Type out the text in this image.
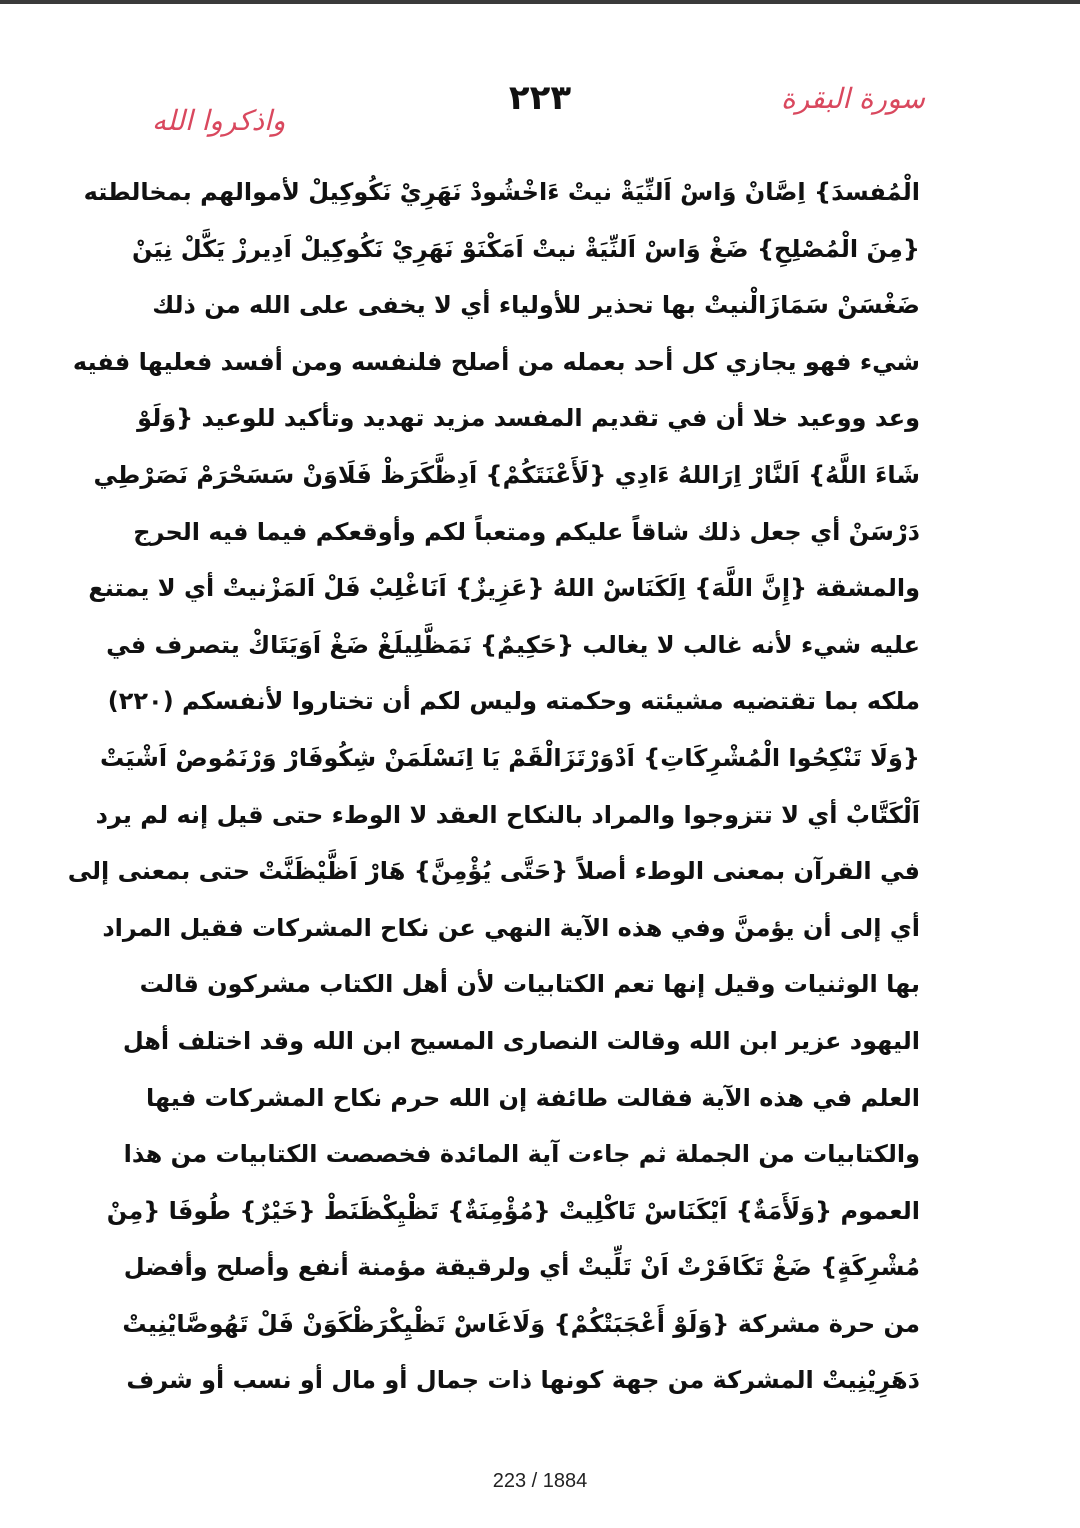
سورة البقرة
٢٢٣
واذكروا الله
الْمُفسدَ} اِصَّانْ وَاسْ اَلنِّيَةْ نيتْ ءَاخْشُودْ نَهَرِيْ نَكُوكِيلْ لأموالهم بمخالطته
{مِنَ الْمُصْلِحِ} ضَغْ وَاسْ اَلنِّيَةْ نيتْ اَمَكْنَوْ نَهَرِيْ نَكُوكِيلْ اَدِيرزْ يَكَّلْ نِيَنْ
ضَغْسَنْ سَمَازَالْنيتْ بها تحذير للأولياء أي لا يخفى على الله من ذلك
شيء فهو يجازي كل أحد بعمله من أصلح فلنفسه ومن أفسد فعليها ففيه
وعد ووعيد خلا أن في تقديم المفسد مزيد تهديد وتأكيد للوعيد {وَلَوْ
شَاءَ اللَّهُ} اَلنَّارْ اِرَاللهُ ءَادِي {لَأَعْنَتَكُمْ} اَدِظَّكَرَظْ فَلَاوَنْ سَسَحْرَمْ نَصَرْطِي
دَرْسَنْ أي جعل ذلك شاقاً عليكم ومتعباً لكم وأوقعكم فيما فيه الحرج
والمشقة {إِنَّ اللَّهَ} اِلَكَنَاسْ اللهُ {عَزِيزٌ} اَنَاغْلِبْ فَلْ اَلمَزْنيتْ أي لا يمتنع
عليه شيء لأنه غالب لا يغالب {حَكِيمٌ} نَمَظَّلِيلَغْ ضَغْ اَوَيَتَاكْ يتصرف في
ملكه بما تقتضيه مشيئته وحكمته وليس لكم أن تختاروا لأنفسكم (٢٢٠)
{وَلَا تَنْكِحُوا الْمُشْرِكَاتِ} اَدْوَرْتَزَالْقَمْ يَا اِنَسْلَمَنْ شِكُوفَارْ وَرْنَمُوصْ اَشْيَتْ
اَلْكَتَّابْ أي لا تتزوجوا والمراد بالنكاح العقد لا الوطء حتى قيل إنه لم يرد
في القرآن بمعنى الوطء أصلاً {حَتَّى يُؤْمِنَّ} هَارْ اَظَّيْظَنَّتْ حتى بمعنى إلى
أي إلى أن يؤمنَّ وفي هذه الآية النهي عن نكاح المشركات فقيل المراد
بها الوثنيات وقيل إنها تعم الكتابيات لأن أهل الكتاب مشركون قالت
اليهود عزير ابن الله وقالت النصارى المسيح ابن الله وقد اختلف أهل
العلم في هذه الآية فقالت طائفة إن الله حرم نكاح المشركات فيها
والكتابيات من الجملة ثم جاءت آية المائدة فخصصت الكتابيات من هذا
العموم {وَلَأَمَةٌ} اَيْكَنَاسْ تَاكْلِيتْ {مُؤْمِنَةٌ} تَظْيِكْظَنَطْ {خَيْرٌ} طُوفَا {مِنْ
مُشْرِكَةٍ} ضَغْ تَكَافَرْتْ اَنْ تَلِّيتْ أي ولرقيقة مؤمنة أنفع وأصلح وأفضل
من حرة مشركة {وَلَوْ أَعْجَبَتْكُمْ} وَلَاغَاسْ تَظْيِكْرَظْكَوَنْ فَلْ تَهُوصَّايْنِيتْ
دَهَرِيْنِيتْ المشركة من جهة كونها ذات جمال أو مال أو نسب أو شرف
223 / 1884
